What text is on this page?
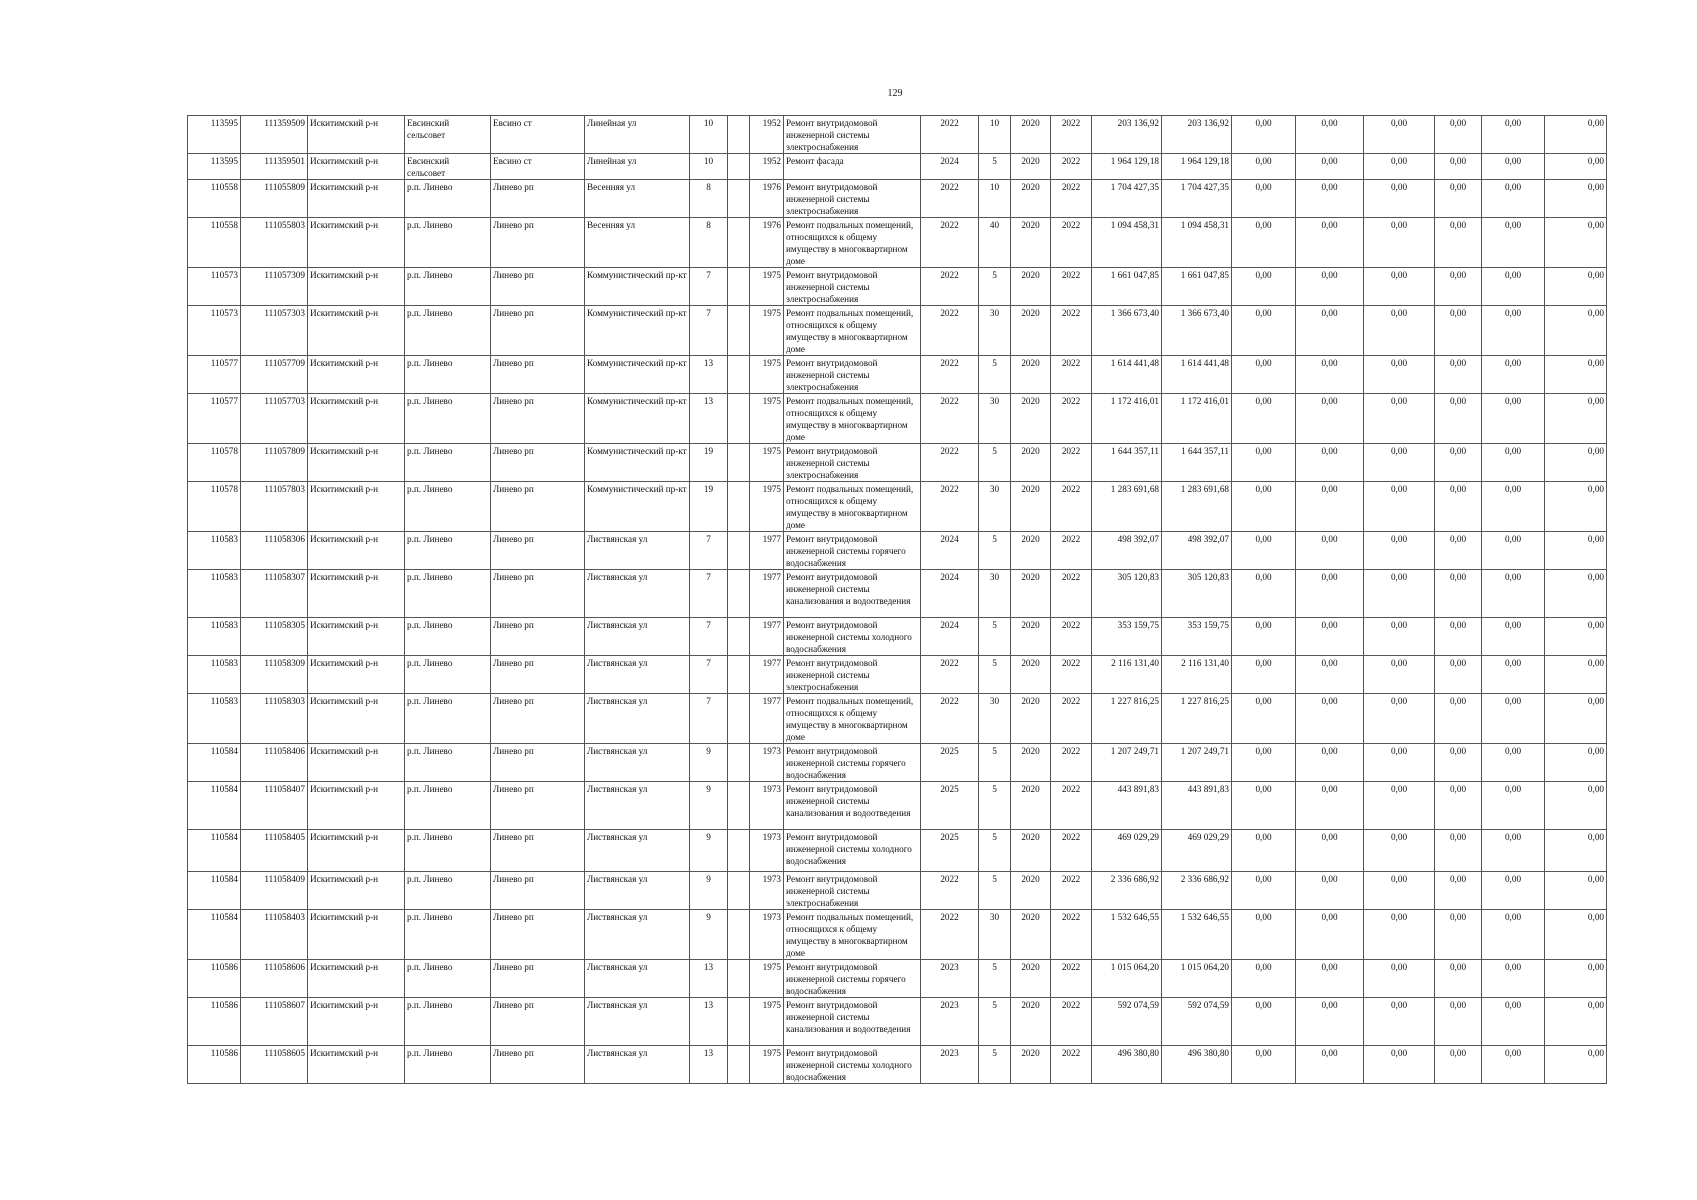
129
113595	111359509	Искитимский р-н	Евсинский сельсовет	Евсино ст	Линейная ул	10		1952	Ремонт внутридомовой инженерной системы электроснабжения	2022	10	2020	2022	203 136,92	203 136,92	0,00	0,00	0,00	0,00	0,00	0,00
113595	111359501	Искитимский р-н	Евсинский сельсовет	Евсино ст	Линейная ул	10		1952	Ремонт фасада	2024	5	2020	2022	1 964 129,18	1 964 129,18	0,00	0,00	0,00	0,00	0,00	0,00
110558	111055809	Искитимский р-н	р.п. Линево	Линево рп	Весенняя ул	8		1976	Ремонт внутридомовой инженерной системы электроснабжения	2022	10	2020	2022	1 704 427,35	1 704 427,35	0,00	0,00	0,00	0,00	0,00	0,00
110558	111055803	Искитимский р-н	р.п. Линево	Линево рп	Весенняя ул	8		1976	Ремонт подвальных помещений, относящихся к общему имуществу в многоквартирном доме	2022	40	2020	2022	1 094 458,31	1 094 458,31	0,00	0,00	0,00	0,00	0,00	0,00
110573	111057309	Искитимский р-н	р.п. Линево	Линево рп	Коммунистический пр-кт	7		1975	Ремонт внутридомовой инженерной системы электроснабжения	2022	5	2020	2022	1 661 047,85	1 661 047,85	0,00	0,00	0,00	0,00	0,00	0,00
110573	111057303	Искитимский р-н	р.п. Линево	Линево рп	Коммунистический пр-кт	7		1975	Ремонт подвальных помещений, относящихся к общему имуществу в многоквартирном доме	2022	30	2020	2022	1 366 673,40	1 366 673,40	0,00	0,00	0,00	0,00	0,00	0,00
110577	111057709	Искитимский р-н	р.п. Линево	Линево рп	Коммунистический пр-кт	13		1975	Ремонт внутридомовой инженерной системы электроснабжения	2022	5	2020	2022	1 614 441,48	1 614 441,48	0,00	0,00	0,00	0,00	0,00	0,00
110577	111057703	Искитимский р-н	р.п. Линево	Линево рп	Коммунистический пр-кт	13		1975	Ремонт подвальных помещений, относящихся к общему имуществу в многоквартирном доме	2022	30	2020	2022	1 172 416,01	1 172 416,01	0,00	0,00	0,00	0,00	0,00	0,00
110578	111057809	Искитимский р-н	р.п. Линево	Линево рп	Коммунистический пр-кт	19		1975	Ремонт внутридомовой инженерной системы электроснабжения	2022	5	2020	2022	1 644 357,11	1 644 357,11	0,00	0,00	0,00	0,00	0,00	0,00
110578	111057803	Искитимский р-н	р.п. Линево	Линево рп	Коммунистический пр-кт	19		1975	Ремонт подвальных помещений, относящихся к общему имуществу в многоквартирном доме	2022	30	2020	2022	1 283 691,68	1 283 691,68	0,00	0,00	0,00	0,00	0,00	0,00
110583	111058306	Искитимский р-н	р.п. Линево	Линево рп	Листвянская ул	7		1977	Ремонт внутридомовой инженерной системы горячего водоснабжения	2024	5	2020	2022	498 392,07	498 392,07	0,00	0,00	0,00	0,00	0,00	0,00
110583	111058307	Искитимский р-н	р.п. Линево	Линево рп	Листвянская ул	7		1977	Ремонт внутридомовой инженерной системы канализования и водоотведения	2024	30	2020	2022	305 120,83	305 120,83	0,00	0,00	0,00	0,00	0,00	0,00
110583	111058305	Искитимский р-н	р.п. Линево	Линево рп	Листвянская ул	7		1977	Ремонт внутридомовой инженерной системы холодного водоснабжения	2024	5	2020	2022	353 159,75	353 159,75	0,00	0,00	0,00	0,00	0,00	0,00
110583	111058309	Искитимский р-н	р.п. Линево	Линево рп	Листвянская ул	7		1977	Ремонт внутридомовой инженерной системы электроснабжения	2022	5	2020	2022	2 116 131,40	2 116 131,40	0,00	0,00	0,00	0,00	0,00	0,00
110583	111058303	Искитимский р-н	р.п. Линево	Линево рп	Листвянская ул	7		1977	Ремонт подвальных помещений, относящихся к общему имуществу в многоквартирном доме	2022	30	2020	2022	1 227 816,25	1 227 816,25	0,00	0,00	0,00	0,00	0,00	0,00
110584	111058406	Искитимский р-н	р.п. Линево	Линево рп	Листвянская ул	9		1973	Ремонт внутридомовой инженерной системы горячего водоснабжения	2025	5	2020	2022	1 207 249,71	1 207 249,71	0,00	0,00	0,00	0,00	0,00	0,00
110584	111058407	Искитимский р-н	р.п. Линево	Линево рп	Листвянская ул	9		1973	Ремонт внутридомовой инженерной системы канализования и водоотведения	2025	5	2020	2022	443 891,83	443 891,83	0,00	0,00	0,00	0,00	0,00	0,00
110584	111058405	Искитимский р-н	р.п. Линево	Линево рп	Листвянская ул	9		1973	Ремонт внутридомовой инженерной системы холодного водоснабжения	2025	5	2020	2022	469 029,29	469 029,29	0,00	0,00	0,00	0,00	0,00	0,00
110584	111058409	Искитимский р-н	р.п. Линево	Линево рп	Листвянская ул	9		1973	Ремонт внутридомовой инженерной системы электроснабжения	2022	5	2020	2022	2 336 686,92	2 336 686,92	0,00	0,00	0,00	0,00	0,00	0,00
110584	111058403	Искитимский р-н	р.п. Линево	Линево рп	Листвянская ул	9		1973	Ремонт подвальных помещений, относящихся к общему имуществу в многоквартирном доме	2022	30	2020	2022	1 532 646,55	1 532 646,55	0,00	0,00	0,00	0,00	0,00	0,00
110586	111058606	Искитимский р-н	р.п. Линево	Линево рп	Листвянская ул	13		1975	Ремонт внутридомовой инженерной системы горячего водоснабжения	2023	5	2020	2022	1 015 064,20	1 015 064,20	0,00	0,00	0,00	0,00	0,00	0,00
110586	111058607	Искитимский р-н	р.п. Линево	Линево рп	Листвянская ул	13		1975	Ремонт внутридомовой инженерной системы канализования и водоотведения	2023	5	2020	2022	592 074,59	592 074,59	0,00	0,00	0,00	0,00	0,00	0,00
110586	111058605	Искитимский р-н	р.п. Линево	Линево рп	Листвянская ул	13		1975	Ремонт внутридомовой инженерной системы холодного водоснабжения	2023	5	2020	2022	496 380,80	496 380,80	0,00	0,00	0,00	0,00	0,00	0,00
